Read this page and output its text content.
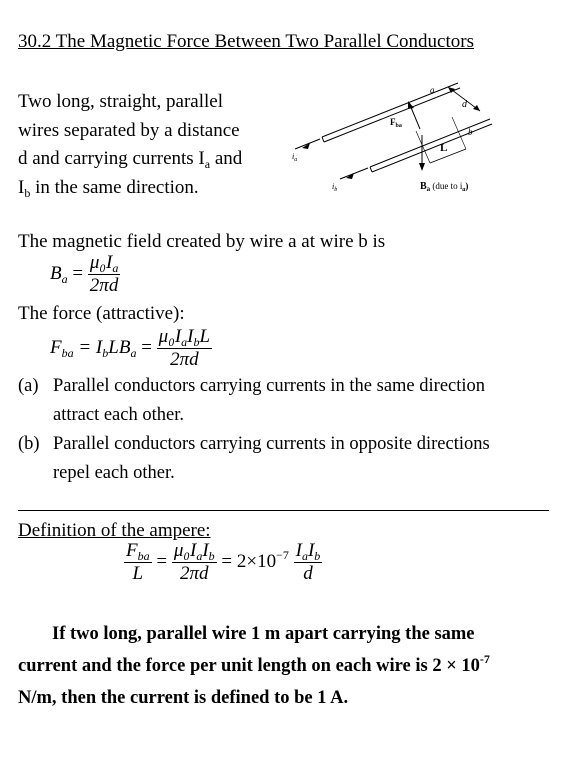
30.2 The Magnetic Force Between Two Parallel Conductors
Two long, straight, parallel
wires separated by a distance
d and carrying currents $I_a$ and
$I_b$ in the same direction.
a
d
b
$F_{ba}$
L
$i_a$
$i_b$	$B_a$ (due to $i_a$)
The magnetic field created by wire a at wire b is
$B_a = \frac{\mu_0I_a}{2\pi d}$
The force (attractive):
$F_{ba} = I_bLB_a = \frac{\mu_0I_aI_bL}{2\pi d}$
(a) Parallel conductors carrying currents in the same direction
attract each other.
(b) Parallel conductors carrying currents in opposite directions
repel each other.
Definition of the ampere:
$\frac{F_{ba}}{L} = \frac{\mu_0I_aI_b}{2\pi d} = 2\times 10^{-7} \frac{I_aI_b}{d}$
If two long, parallel wire 1 m apart carrying the same
current and the force per unit length on each wire is $2 \times 10^{-7}$
N/m, then the current is defined to be 1 A.
